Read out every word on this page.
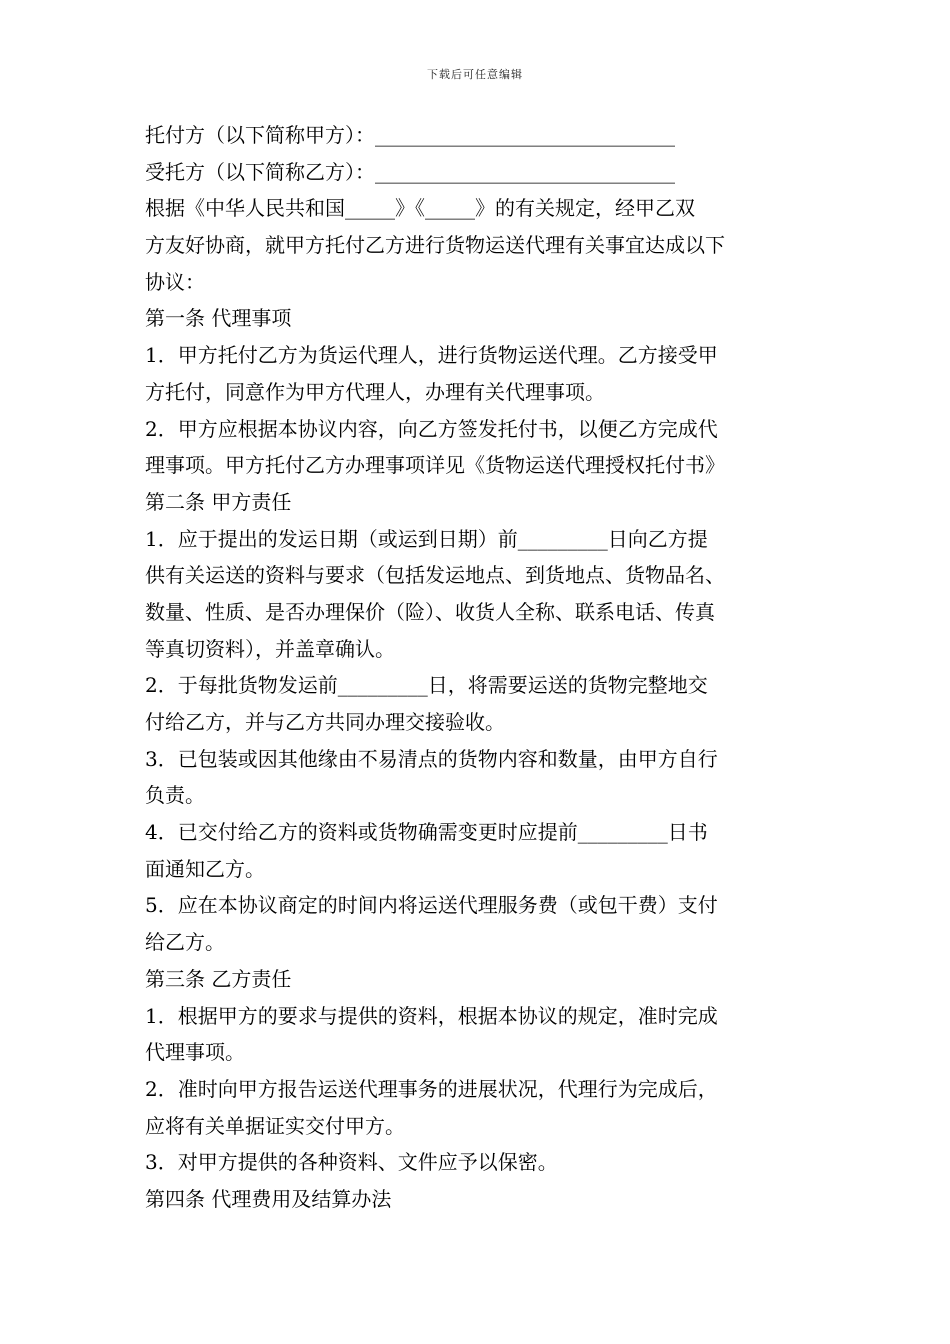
下载后可任意编辑
托付方（以下简称甲方）：______________________________
受托方（以下简称乙方）：______________________________
根据《中华人民共和国_____》《_____》的有关规定，经甲乙双
方友好协商，就甲方托付乙方进行货物运送代理有关事宜达成以下
协议：
第一条 代理事项
1．甲方托付乙方为货运代理人，进行货物运送代理。乙方接受甲
方托付，同意作为甲方代理人，办理有关代理事项。
2．甲方应根据本协议内容，向乙方签发托付书，以便乙方完成代
理事项。甲方托付乙方办理事项详见《货物运送代理授权托付书》
第二条 甲方责任
1．应于提出的发运日期（或运到日期）前_________日向乙方提
供有关运送的资料与要求（包括发运地点、到货地点、货物品名、
数量、性质、是否办理保价（险）、收货人全称、联系电话、传真
等真切资料），并盖章确认。
2．于每批货物发运前_________日，将需要运送的货物完整地交
付给乙方，并与乙方共同办理交接验收。
3．已包装或因其他缘由不易清点的货物内容和数量，由甲方自行
负责。
4．已交付给乙方的资料或货物确需变更时应提前_________日书
面通知乙方。
5．应在本协议商定的时间内将运送代理服务费（或包干费）支付
给乙方。
第三条 乙方责任
1．根据甲方的要求与提供的资料，根据本协议的规定，准时完成
代理事项。
2．准时向甲方报告运送代理事务的进展状况，代理行为完成后，
应将有关单据证实交付甲方。
3．对甲方提供的各种资料、文件应予以保密。
第四条 代理费用及结算办法
